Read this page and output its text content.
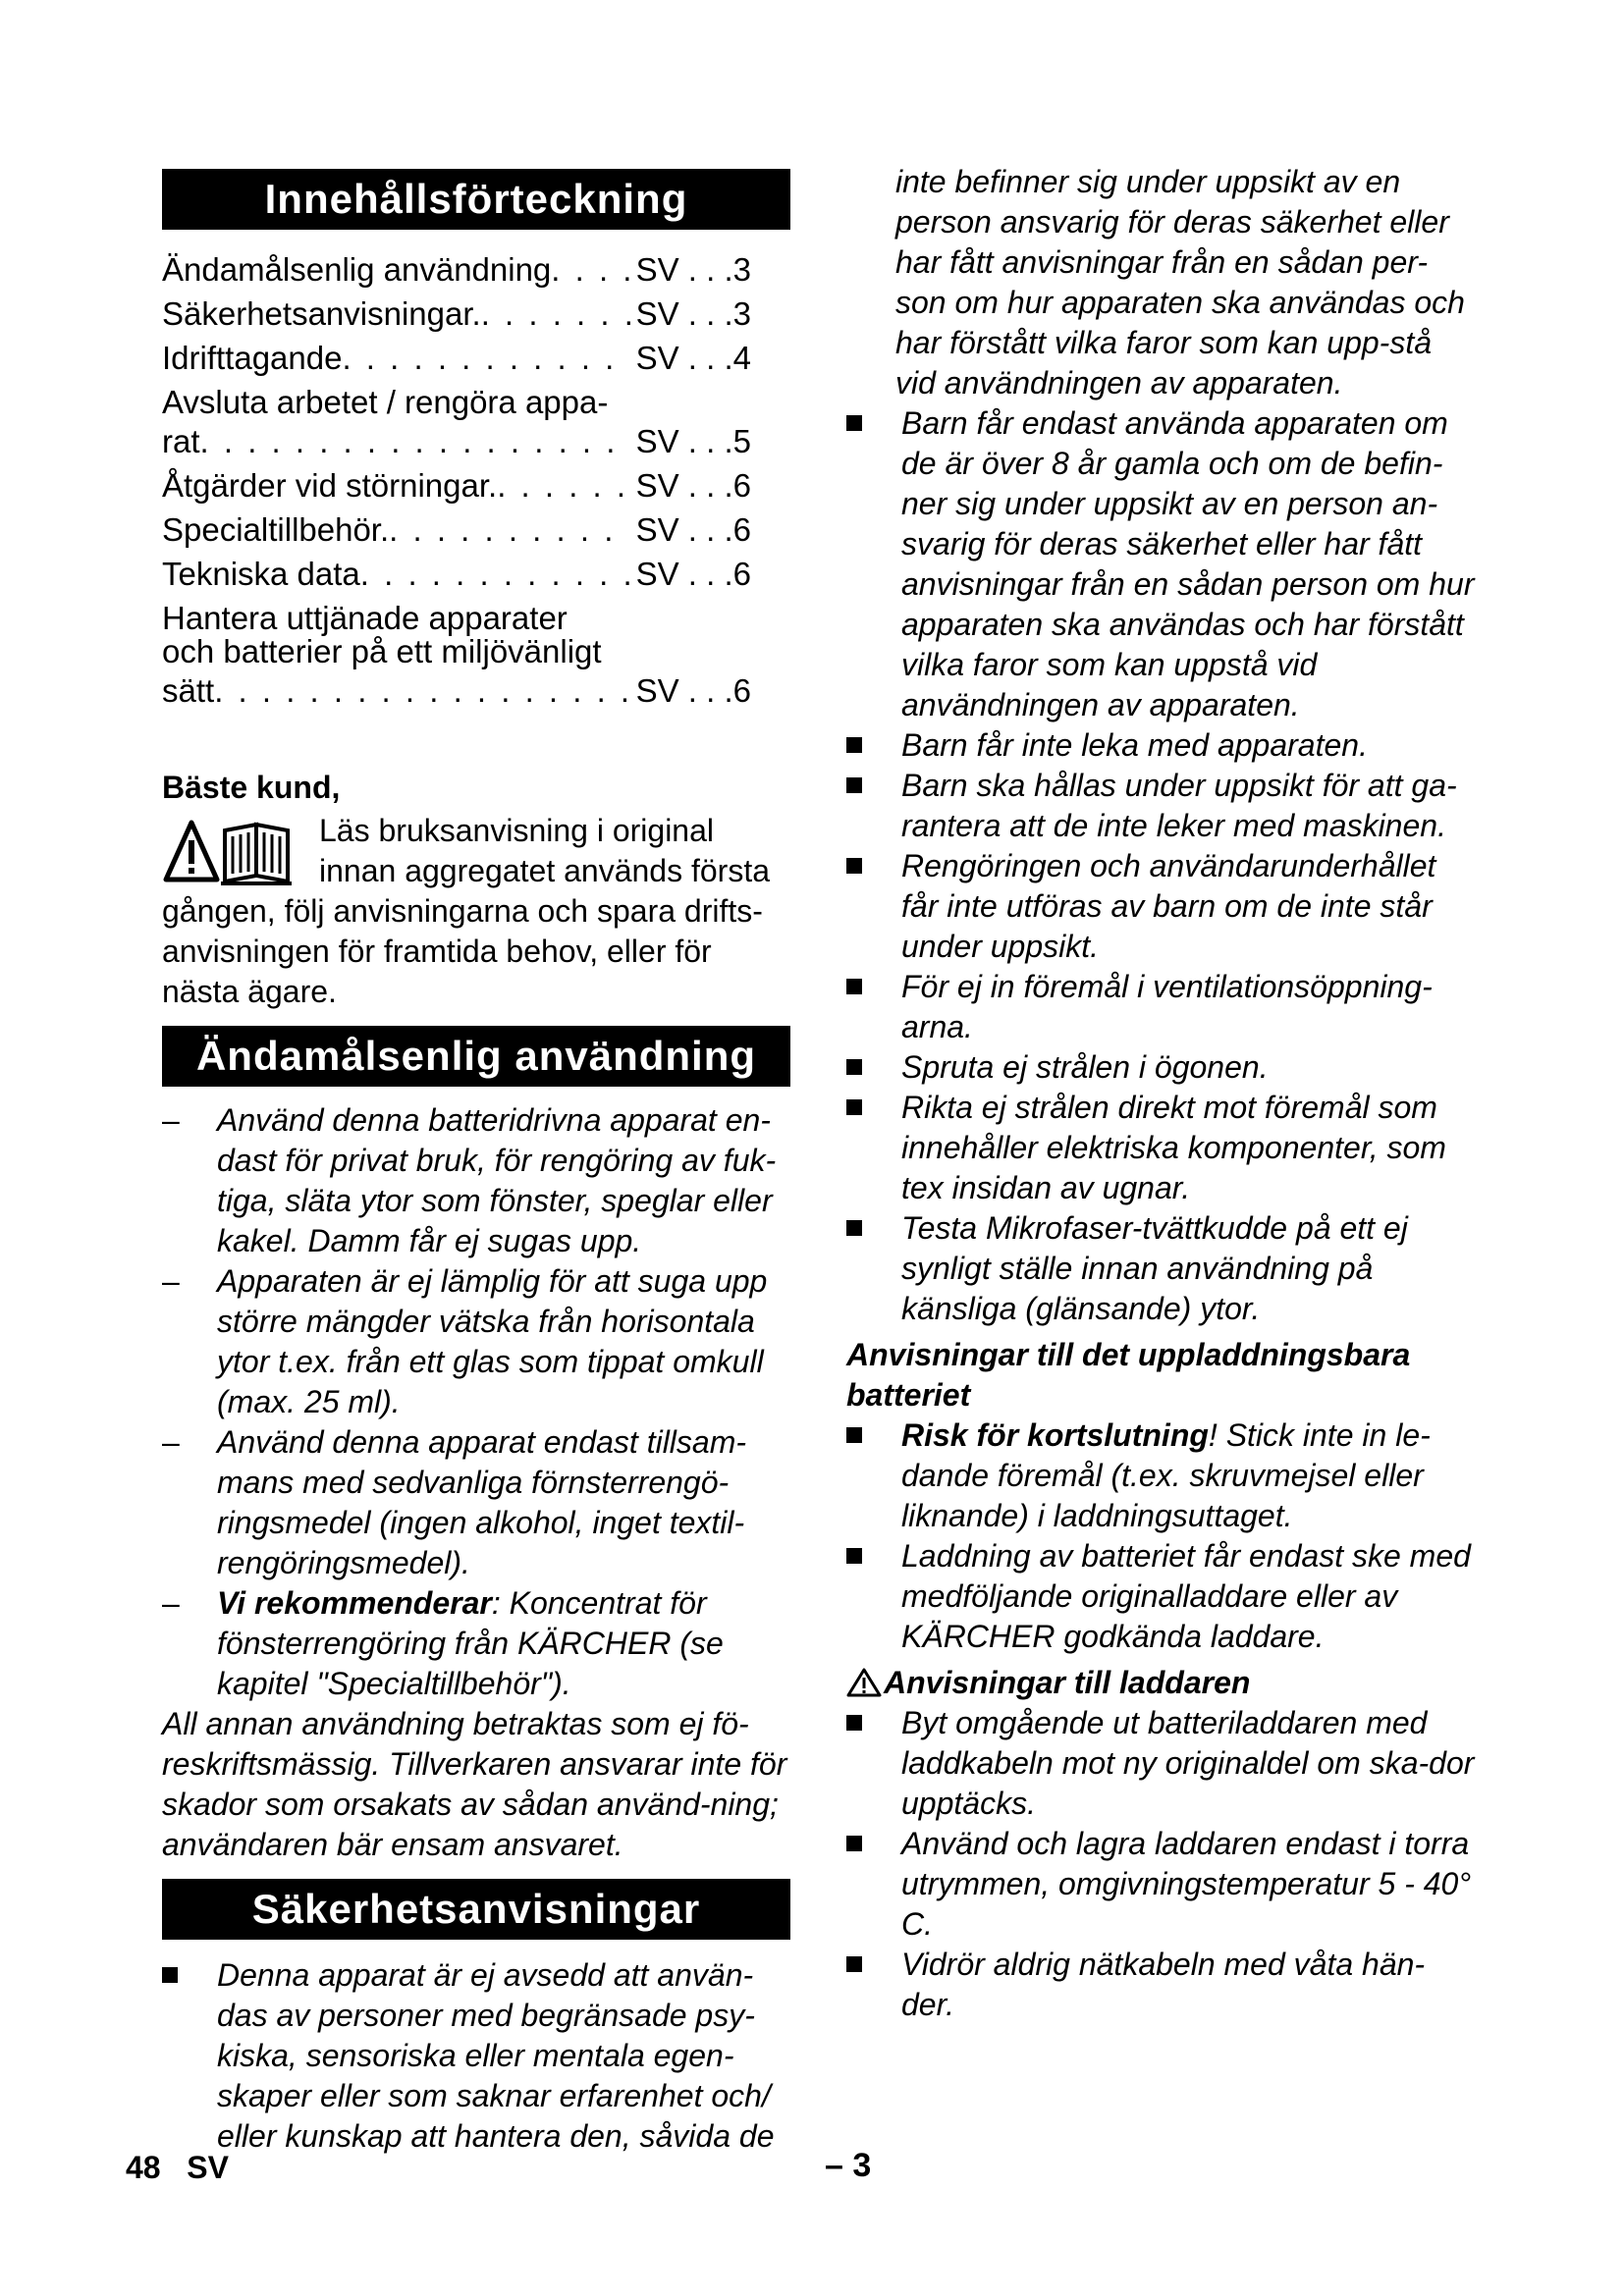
Innehållsförteckning
Ändamålsenlig användning . . .	SV . . .3
Säkerhetsanvisningar. . . .	SV . . .3
Idrifttagande . . .	SV . . .4
Avsluta arbetet / rengöra appa-
rat . . .	SV . . .5
Åtgärder vid störningar. . . .	SV . . .6
Specialtillbehör. . . .	SV . . .6
Tekniska data . . .	SV . . .6
Hantera uttjänade apparater
och batterier på ett miljövänligt
sätt . . .	SV . . .6
Bäste kund,
Läs bruksanvisning i original innan aggregatet används första gången, följ anvisningarna och spara drifts-anvisningen för framtida behov, eller för nästa ägare.
Ändamålsenlig användning
– Använd denna batteridrivna apparat en-dast för privat bruk, för rengöring av fuk-tiga, släta ytor som fönster, speglar eller kakel. Damm får ej sugas upp.
– Apparaten är ej lämplig för att suga upp större mängder vätska från horisontala ytor t.ex. från ett glas som tippat omkull (max. 25 ml).
– Använd denna apparat endast tillsam-mans med sedvanliga förnsterrengö-ringsmedel (ingen alkohol, inget textil-rengöringsmedel).
– Vi rekommenderar: Koncentrat för fönsterrengöring från KÄRCHER (se kapitel "Specialtillbehör").

All annan användning betraktas som ej fö-reskriftsmässig. Tillverkaren ansvarar inte för skador som orsakats av sådan använd-ning; användaren bär ensam ansvaret.

Säkerhetsanvisningar
Denna apparat är ej avsedd att använ-das av personer med begränsade psy-kiska, sensoriska eller mentala egen-skaper eller som saknar erfarenhet och/ eller kunskap att hantera den, såvida de

inte befinner sig under uppsikt av en person ansvarig för deras säkerhet eller har fått anvisningar från en sådan per-son om hur apparaten ska användas och har förstått vilka faror som kan upp-stå vid användningen av apparaten.

Barn får endast använda apparaten om de är över 8 år gamla och om de befin-ner sig under uppsikt av en person an-svarig för deras säkerhet eller har fått anvisningar från en sådan person om hur apparaten ska användas och har förstått vilka faror som kan uppstå vid användningen av apparaten.
Barn får inte leka med apparaten.
Barn ska hållas under uppsikt för att ga-rantera att de inte leker med maskinen.
Rengöringen och användarunderhållet får inte utföras av barn om de inte står under uppsikt.
För ej in föremål i ventilationsöppning-arna.
Spruta ej strålen i ögonen.
Rikta ej strålen direkt mot föremål som innehåller elektriska komponenter, som tex insidan av ugnar.
Testa Mikrofaser-tvättkudde på ett ej synligt ställe innan användning på känsliga (glänsande) ytor.

Anvisningar till det uppladdningsbara batteriet

Risk för kortslutning! Stick inte in le-dande föremål (t.ex. skruvmejsel eller liknande) i laddningsuttaget.
Laddning av batteriet får endast ske med medföljande originalladdare eller av KÄRCHER godkända laddare.

Anvisningar till laddaren

Byt omgående ut batteriladdaren med laddkabeln mot ny originaldel om ska-dor upptäcks.
Använd och lagra laddaren endast i torra utrymmen, omgivningstemperatur 5 - 40° C.
Vidrör aldrig nätkabeln med våta hän-der.
48 SV	– 3
